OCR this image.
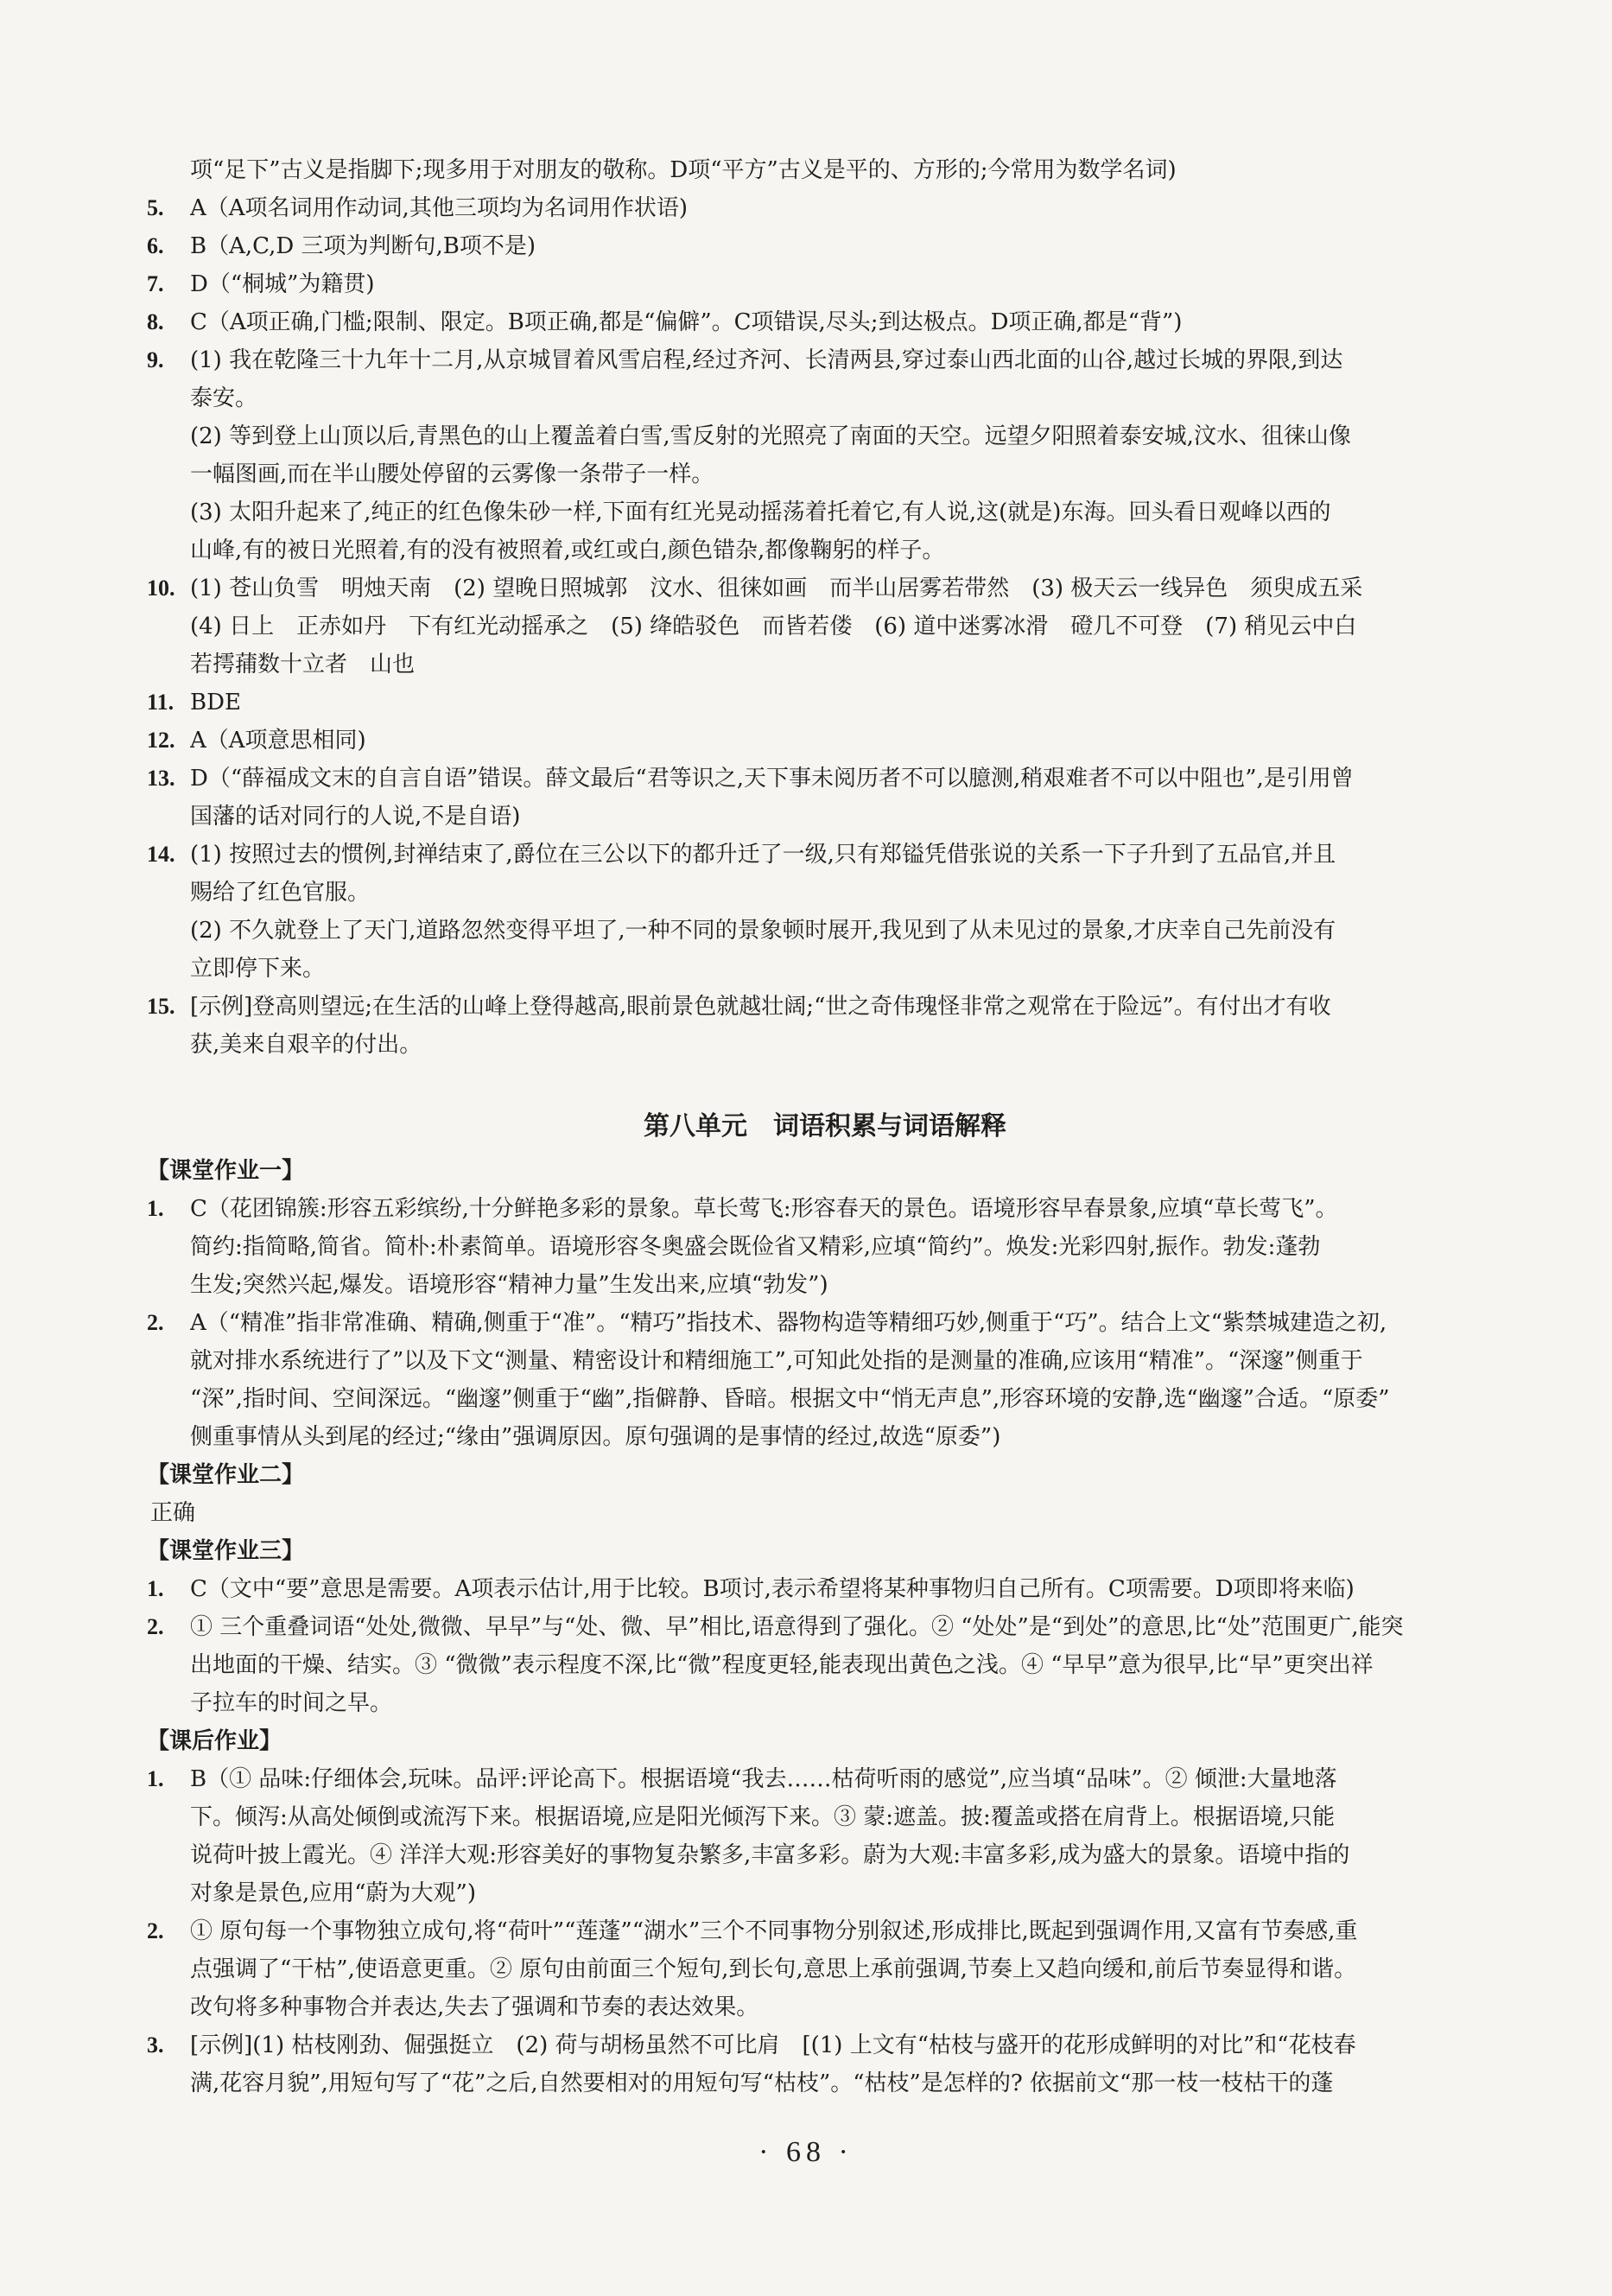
项“足下”古义是指脚下;现多用于对朋友的敬称。D项“平方”古义是平的、方形的;今常用为数学名词)
5. A（A项名词用作动词,其他三项均为名词用作状语)
6. B（A,C,D 三项为判断句,B项不是)
7. D（“桐城”为籍贯)
8. C（A项正确,门槛;限制、限定。B项正确,都是“偏僻”。C项错误,尽头;到达极点。D项正确,都是“背”)
9. (1) 我在乾隆三十九年十二月,从京城冒着风雪启程,经过齐河、长清两县,穿过泰山西北面的山谷,越过长城的界限,到达
泰安。
(2) 等到登上山顶以后,青黑色的山上覆盖着白雪,雪反射的光照亮了南面的天空。远望夕阳照着泰安城,汶水、徂徕山像
一幅图画,而在半山腰处停留的云雾像一条带子一样。
(3) 太阳升起来了,纯正的红色像朱砂一样,下面有红光晃动摇荡着托着它,有人说,这(就是)东海。回头看日观峰以西的
山峰,有的被日光照着,有的没有被照着,或红或白,颜色错杂,都像鞠躬的样子。
10. (1) 苍山负雪　明烛天南　(2) 望晚日照城郭　汶水、徂徕如画　而半山居雾若带然　(3) 极天云一线异色　须臾成五采
(4) 日上　正赤如丹　下有红光动摇承之　(5) 绛皓驳色　而皆若偻　(6) 道中迷雾冰滑　磴几不可登　(7) 稍见云中白
若摴蒱数十立者　山也
11. BDE
12. A（A项意思相同)
13. D（“薛福成文末的自言自语”错误。薛文最后“君等识之,天下事未阅历者不可以臆测,稍艰难者不可以中阻也”,是引用曾
国藩的话对同行的人说,不是自语)
14. (1) 按照过去的惯例,封禅结束了,爵位在三公以下的都升迁了一级,只有郑镒凭借张说的关系一下子升到了五品官,并且
赐给了红色官服。
(2) 不久就登上了天门,道路忽然变得平坦了,一种不同的景象顿时展开,我见到了从未见过的景象,才庆幸自己先前没有
立即停下来。
15. [示例]登高则望远;在生活的山峰上登得越高,眼前景色就越壮阔;“世之奇伟瑰怪非常之观常在于险远”。有付出才有收
获,美来自艰辛的付出。
第八单元　词语积累与词语解释
【课堂作业一】
1. C（花团锦簇:形容五彩缤纷,十分鲜艳多彩的景象。草长莺飞:形容春天的景色。语境形容早春景象,应填“草长莺飞”。
简约:指简略,简省。简朴:朴素简单。语境形容冬奥盛会既俭省又精彩,应填“简约”。焕发:光彩四射,振作。勃发:蓬勃
生发;突然兴起,爆发。语境形容“精神力量”生发出来,应填“勃发”)
2. A（“精准”指非常准确、精确,侧重于“准”。“精巧”指技术、器物构造等精细巧妙,侧重于“巧”。结合上文“紫禁城建造之初,
就对排水系统进行了”以及下文“测量、精密设计和精细施工”,可知此处指的是测量的准确,应该用“精准”。“深邃”侧重于
“深”,指时间、空间深远。“幽邃”侧重于“幽”,指僻静、昏暗。根据文中“悄无声息”,形容环境的安静,选“幽邃”合适。“原委”
侧重事情从头到尾的经过;“缘由”强调原因。原句强调的是事情的经过,故选“原委”)
【课堂作业二】
正确
【课堂作业三】
1. C（文中“要”意思是需要。A项表示估计,用于比较。B项讨,表示希望将某种事物归自己所有。C项需要。D项即将来临)
2. ① 三个重叠词语“处处,微微、早早”与“处、微、早”相比,语意得到了强化。② “处处”是“到处”的意思,比“处”范围更广,能突
出地面的干燥、结实。③ “微微”表示程度不深,比“微”程度更轻,能表现出黄色之浅。④ “早早”意为很早,比“早”更突出祥
子拉车的时间之早。
【课后作业】
1. B（① 品味:仔细体会,玩味。品评:评论高下。根据语境“我去……枯荷听雨的感觉”,应当填“品味”。② 倾泄:大量地落
下。倾泻:从高处倾倒或流泻下来。根据语境,应是阳光倾泻下来。③ 蒙:遮盖。披:覆盖或搭在肩背上。根据语境,只能
说荷叶披上霞光。④ 洋洋大观:形容美好的事物复杂繁多,丰富多彩。蔚为大观:丰富多彩,成为盛大的景象。语境中指的
对象是景色,应用“蔚为大观”)
2. ① 原句每一个事物独立成句,将“荷叶”“莲蓬”“湖水”三个不同事物分别叙述,形成排比,既起到强调作用,又富有节奏感,重
点强调了“干枯”,使语意更重。② 原句由前面三个短句,到长句,意思上承前强调,节奏上又趋向缓和,前后节奏显得和谐。
改句将多种事物合并表达,失去了强调和节奏的表达效果。
3. [示例](1) 枯枝刚劲、倔强挺立　(2) 荷与胡杨虽然不可比肩　[(1) 上文有“枯枝与盛开的花形成鲜明的对比”和“花枝春
满,花容月貌”,用短句写了“花”之后,自然要相对的用短句写“枯枝”。“枯枝”是怎样的? 依据前文“那一枝一枝枯干的蓬
· 68 ·
